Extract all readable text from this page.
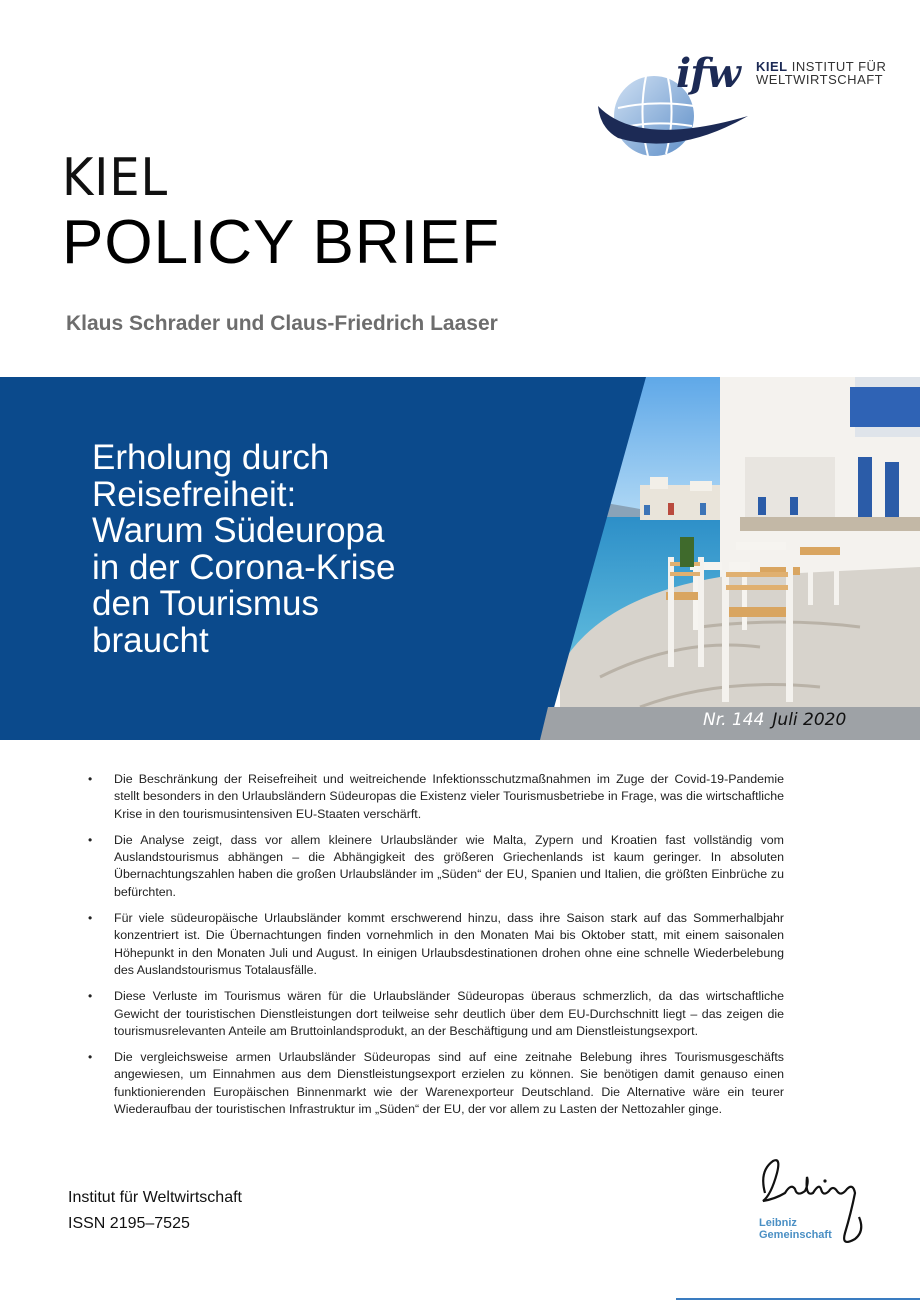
ifw KIEL INSTITUT FÜR
WELTWIRTSCHAFT
KIEL
POLICY BRIEF
Klaus Schrader und Claus-Friedrich Laaser
Erholung durch
Reisefreiheit:
Warum Südeuropa
in der Corona-Krise
den Tourismus
braucht
Nr. 144 Juli 2020
• Die Beschränkung der Reisefreiheit und weitreichende Infektionsschutzmaßnahmen im Zuge der Covid-19-Pandemie stellt besonders in den Urlaubsländern Südeuropas die Existenz vieler Tourismusbetriebe in Frage, was die wirtschaftliche Krise in den tourismusintensiven EU-Staaten verschärft.
• Die Analyse zeigt, dass vor allem kleinere Urlaubsländer wie Malta, Zypern und Kroatien fast vollständig vom Auslandstourismus abhängen – die Abhängigkeit des größeren Griechenlands ist kaum geringer. In absoluten Übernachtungszahlen haben die großen Urlaubsländer im „Süden“ der EU, Spanien und Italien, die größten Einbrüche zu befürchten.
• Für viele südeuropäische Urlaubsländer kommt erschwerend hinzu, dass ihre Saison stark auf das Sommerhalbjahr konzentriert ist. Die Übernachtungen finden vornehmlich in den Monaten Mai bis Oktober statt, mit einem saisonalen Höhepunkt in den Monaten Juli und August. In einigen Urlaubsdestinationen drohen ohne eine schnelle Wiederbelebung des Auslandstourismus Totalausfälle.
• Diese Verluste im Tourismus wären für die Urlaubsländer Südeuropas überaus schmerzlich, da das wirtschaftliche Gewicht der touristischen Dienstleistungen dort teilweise sehr deutlich über dem EU-Durchschnitt liegt – das zeigen die tourismusrelevanten Anteile am Bruttoinlandsprodukt, an der Beschäftigung und am Dienstleistungsexport.
• Die vergleichsweise armen Urlaubsländer Südeuropas sind auf eine zeitnahe Belebung ihres Tourismusgeschäfts angewiesen, um Einnahmen aus dem Dienstleistungsexport erzielen zu können. Sie benötigen damit genauso einen funktionierenden Europäischen Binnenmarkt wie der Warenexporteur Deutschland. Die Alternative wäre ein teurer Wiederaufbau der touristischen Infrastruktur im „Süden“ der EU, der vor allem zu Lasten der Nettozahler ginge.
Institut für Weltwirtschaft
ISSN 2195–7525	Leibniz
Gemeinschaft
